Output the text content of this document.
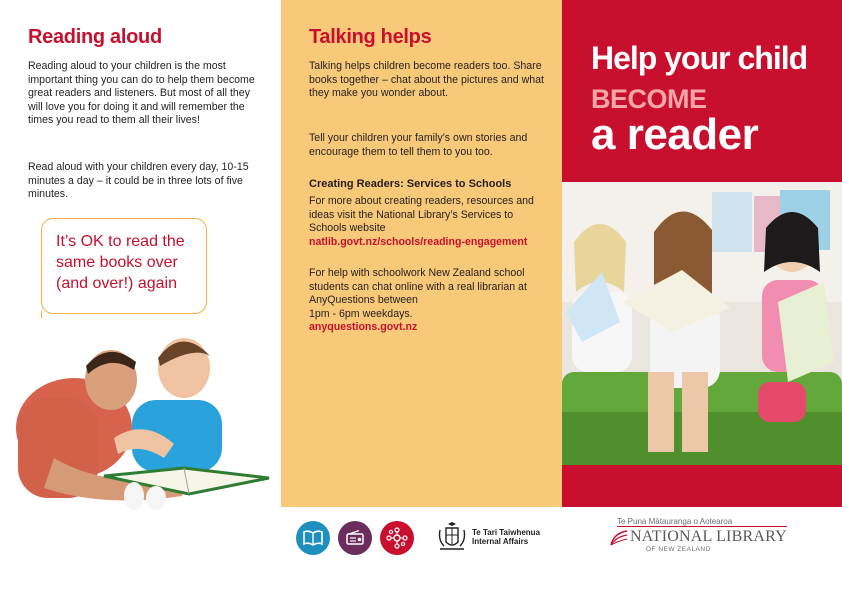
Reading aloud

Reading aloud to your children is the most important thing you can do to help them become great readers and listeners. But most of all they will love you for doing it and will remember the times you read to them all their lives!

Read aloud with your children every day, 10-15 minutes a day – it could be in three lots of five minutes.

It’s OK to read the same books over (and over!) again

Talking helps

Talking helps children become readers too. Share books together – chat about the pictures and what they make you wonder about.

Tell your children your family’s own stories and encourage them to tell them to you too.

Creating Readers: Services to Schools
For more about creating readers, resources and ideas visit the National Library’s Services to Schools website
natlib.govt.nz/schools/reading-engagement
For help with schoolwork New Zealand school students can chat online with a real librarian at AnyQuestions between
1pm - 6pm weekdays.
anyquestions.govt.nz
Help your child
BECOME
a reader
Te Tari Taiwhenua
Internal Affairs
Te Puna Mātauranga o Aotearoa
NATIONAL LIBRARY
OF NEW ZEALAND
